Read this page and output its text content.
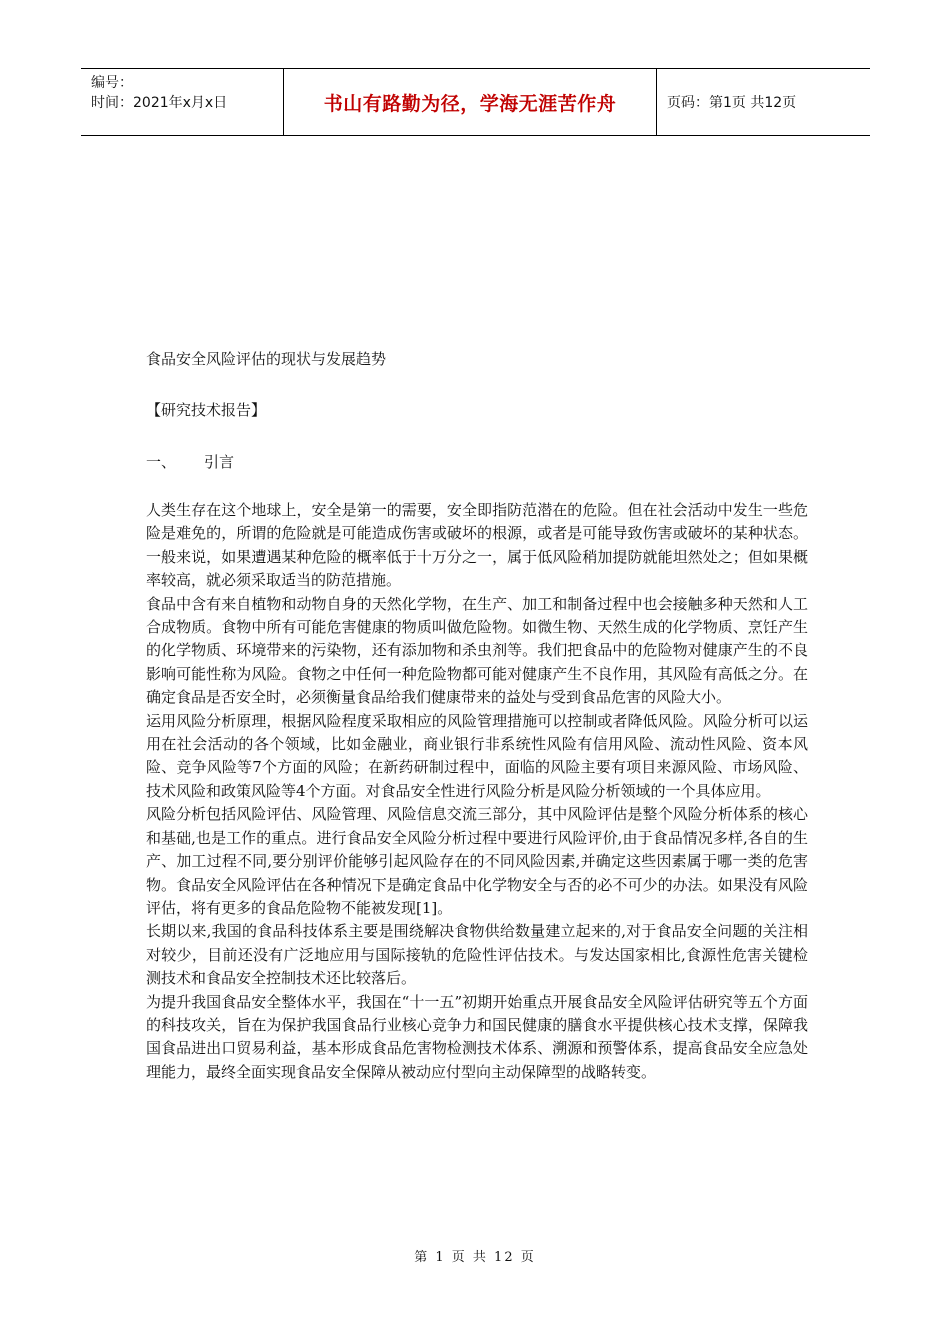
编号：
时间：2021年x月x日	书山有路勤为径，学海无涯苦作舟	页码：第1页 共12页
食品安全风险评估的现状与发展趋势
【研究技术报告】
一、	引言

人类生存在这个地球上，安全是第一的需要，安全即指防范潜在的危险。但在社会活动中发生一些危险是难免的，所谓的危险就是可能造成伤害或破坏的根源，或者是可能导致伤害或破坏的某种状态。一般来说，如果遭遇某种危险的概率低于十万分之一，属于低风险稍加提防就能坦然处之；但如果概率较高，就必须采取适当的防范措施。

食品中含有来自植物和动物自身的天然化学物，在生产、加工和制备过程中也会接触多种天然和人工合成物质。食物中所有可能危害健康的物质叫做危险物。如微生物、天然生成的化学物质、烹饪产生的化学物质、环境带来的污染物，还有添加物和杀虫剂等。我们把食品中的危险物对健康产生的不良影响可能性称为风险。食物之中任何一种危险物都可能对健康产生不良作用，其风险有高低之分。在确定食品是否安全时，必须衡量食品给我们健康带来的益处与受到食品危害的风险大小。

运用风险分析原理，根据风险程度采取相应的风险管理措施可以控制或者降低风险。风险分析可以运用在社会活动的各个领域，比如金融业，商业银行非系统性风险有信用风险、流动性风险、资本风险、竞争风险等7个方面的风险；在新药研制过程中，面临的风险主要有项目来源风险、市场风险、技术风险和政策风险等4个方面。对食品安全性进行风险分析是风险分析领域的一个具体应用。

风险分析包括风险评估、风险管理、风险信息交流三部分，其中风险评估是整个风险分析体系的核心和基础,也是工作的重点。进行食品安全风险分析过程中要进行风险评价,由于食品情况多样,各自的生产、加工过程不同,要分别评价能够引起风险存在的不同风险因素,并确定这些因素属于哪一类的危害物。食品安全风险评估在各种情况下是确定食品中化学物安全与否的必不可少的办法。如果没有风险评估，将有更多的食品危险物不能被发现[1]。

长期以来,我国的食品科技体系主要是围绕解决食物供给数量建立起来的,对于食品安全问题的关注相对较少，目前还没有广泛地应用与国际接轨的危险性评估技术。与发达国家相比,食源性危害关键检测技术和食品安全控制技术还比较落后。

为提升我国食品安全整体水平，我国在“十一五”初期开始重点开展食品安全风险评估研究等五个方面的科技攻关，旨在为保护我国食品行业核心竞争力和国民健康的膳食水平提供核心技术支撑，保障我国食品进出口贸易利益，基本形成食品危害物检测技术体系、溯源和预警体系，提高食品安全应急处理能力，最终全面实现食品安全保障从被动应付型向主动保障型的战略转变。

第 1 页 共 12 页
